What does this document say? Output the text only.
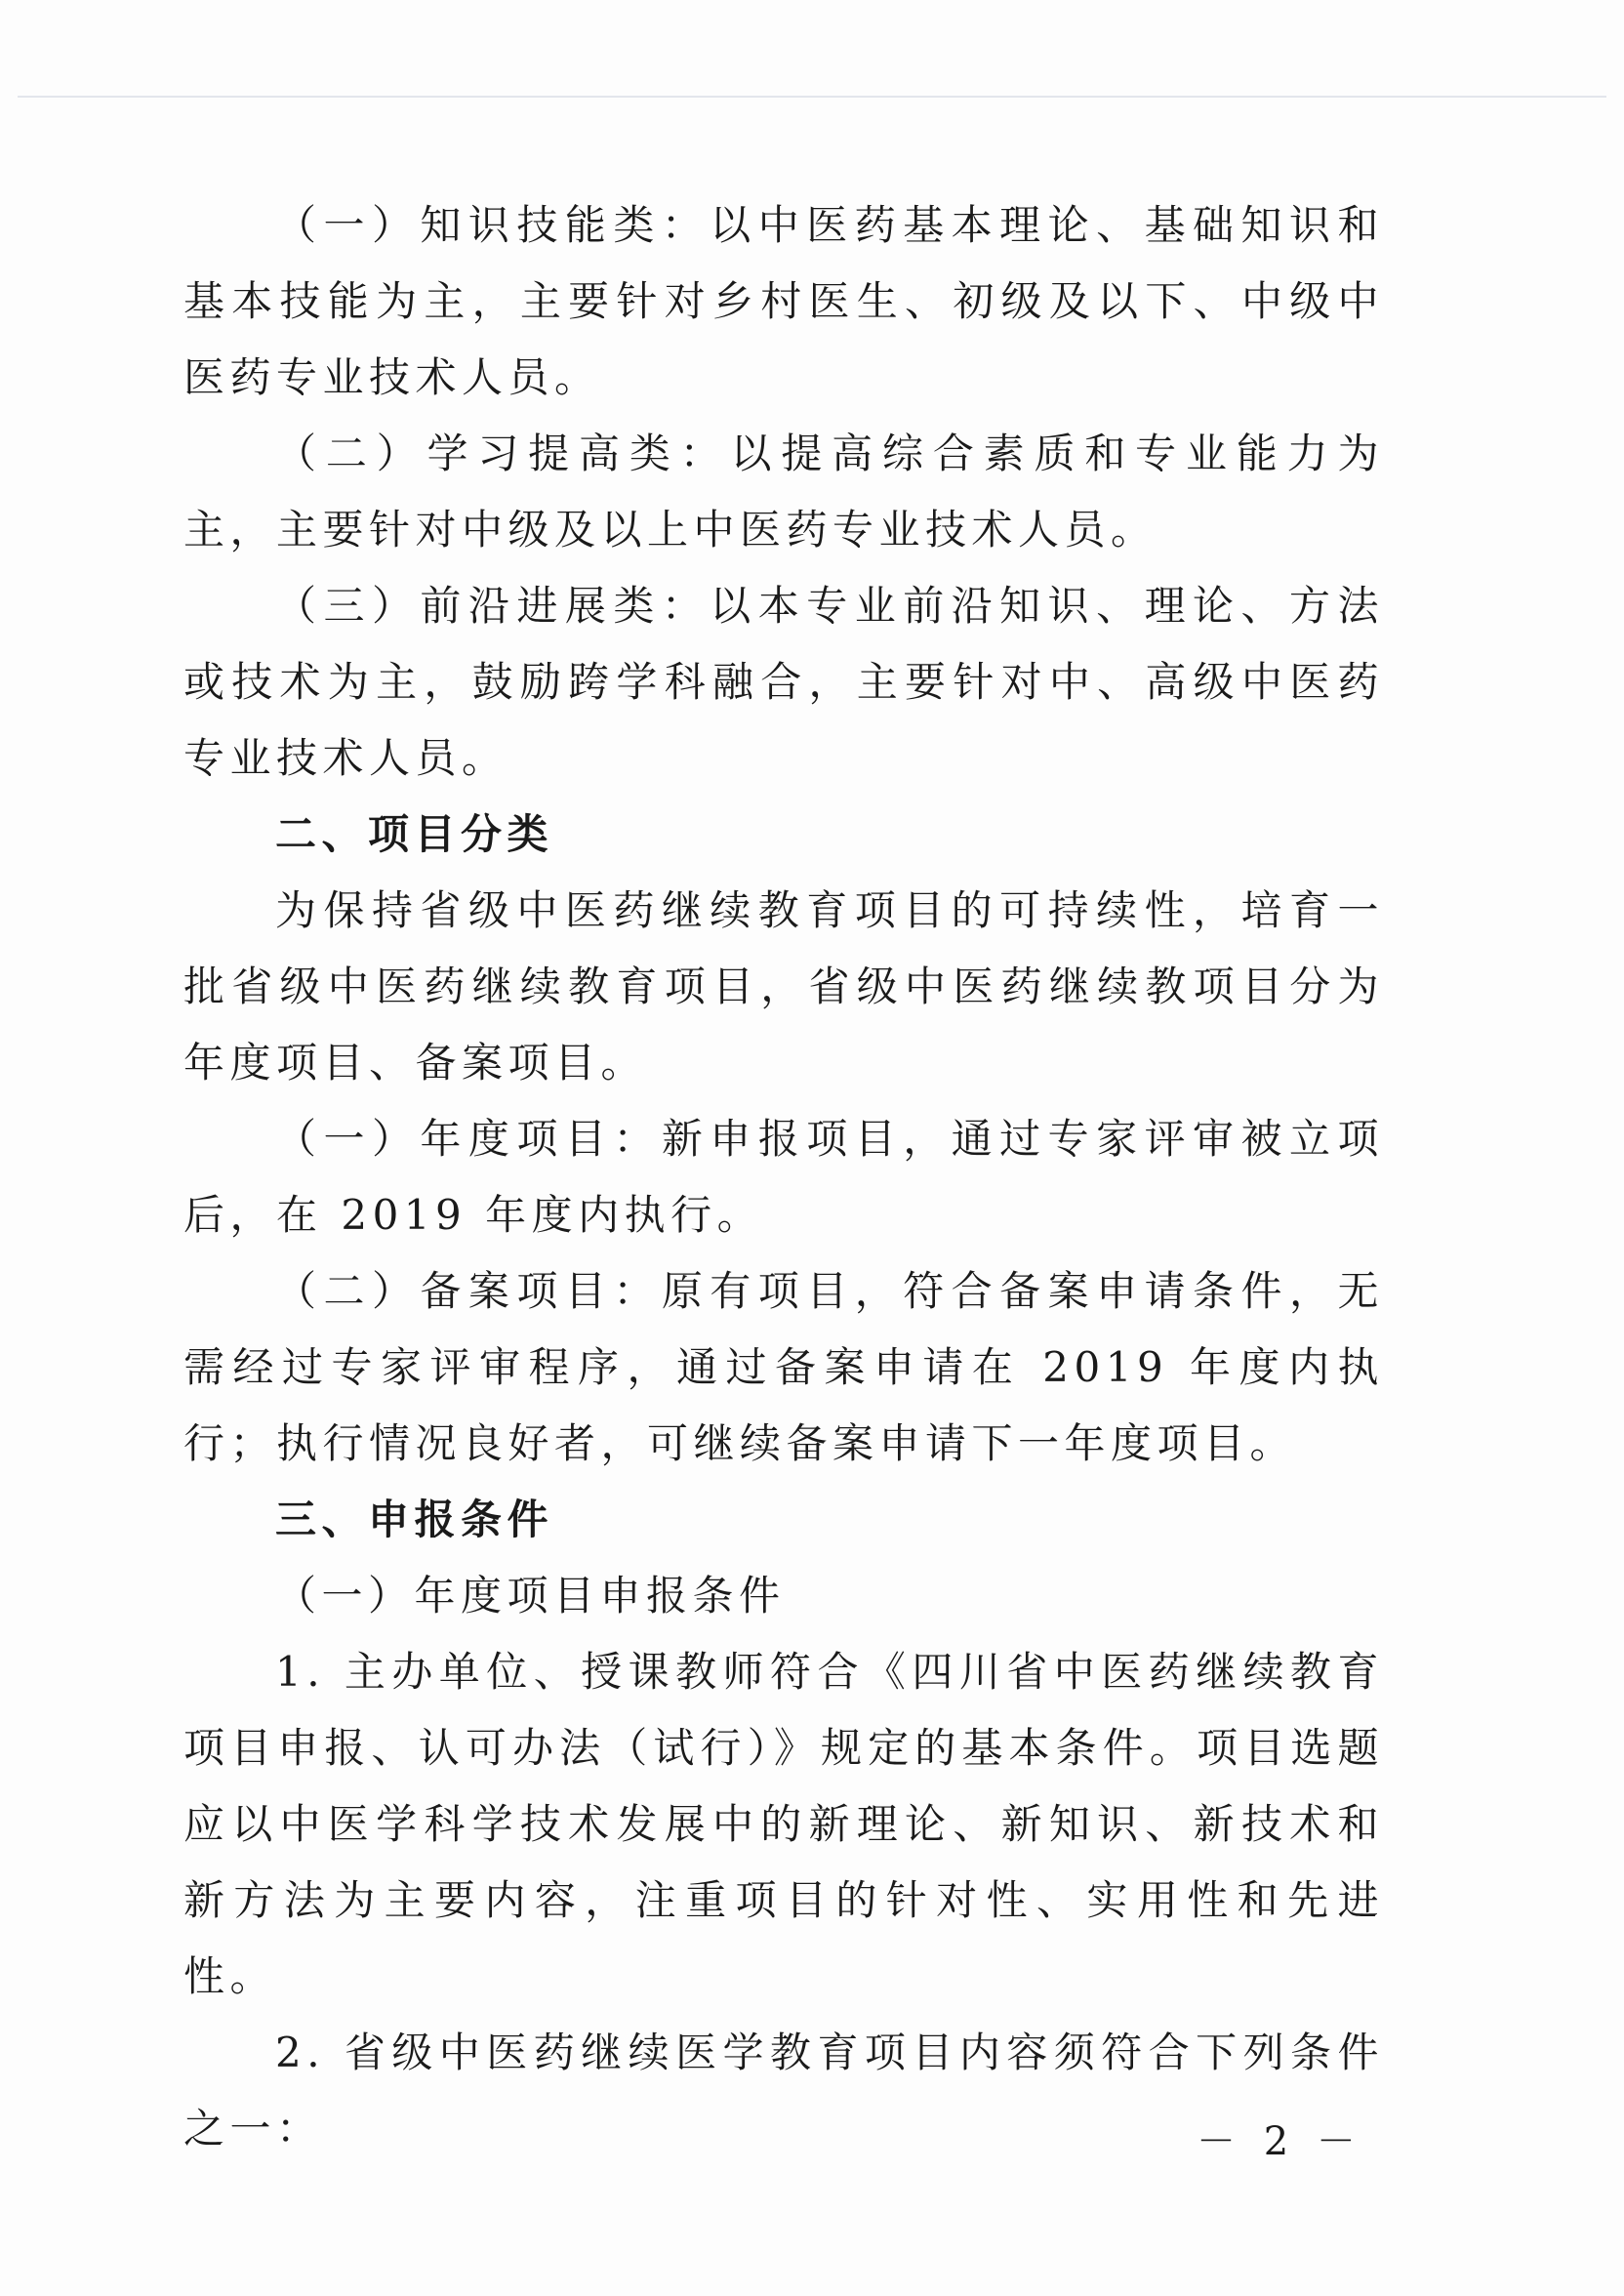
（一）知识技能类：以中医药基本理论、基础知识和基本技能为主，主要针对乡村医生、初级及以下、中级中医药专业技术人员。

（二）学习提高类：以提高综合素质和专业能力为主，主要针对中级及以上中医药专业技术人员。

（三）前沿进展类：以本专业前沿知识、理论、方法或技术为主，鼓励跨学科融合，主要针对中、高级中医药专业技术人员。

二、项目分类

为保持省级中医药继续教育项目的可持续性，培育一批省级中医药继续教育项目，省级中医药继续教项目分为年度项目、备案项目。

（一）年度项目：新申报项目，通过专家评审被立项后，在 2019 年度内执行。

（二）备案项目：原有项目，符合备案申请条件，无需经过专家评审程序，通过备案申请在 2019 年度内执行；执行情况良好者，可继续备案申请下一年度项目。

三、申报条件

（一）年度项目申报条件

1. 主办单位、授课教师符合《四川省中医药继续教育项目申报、认可办法（试行）》规定的基本条件。项目选题应以中医学科学技术发展中的新理论、新知识、新技术和新方法为主要内容，注重项目的针对性、实用性和先进性。

2. 省级中医药继续医学教育项目内容须符合下列条件之一：	－ 2 －
